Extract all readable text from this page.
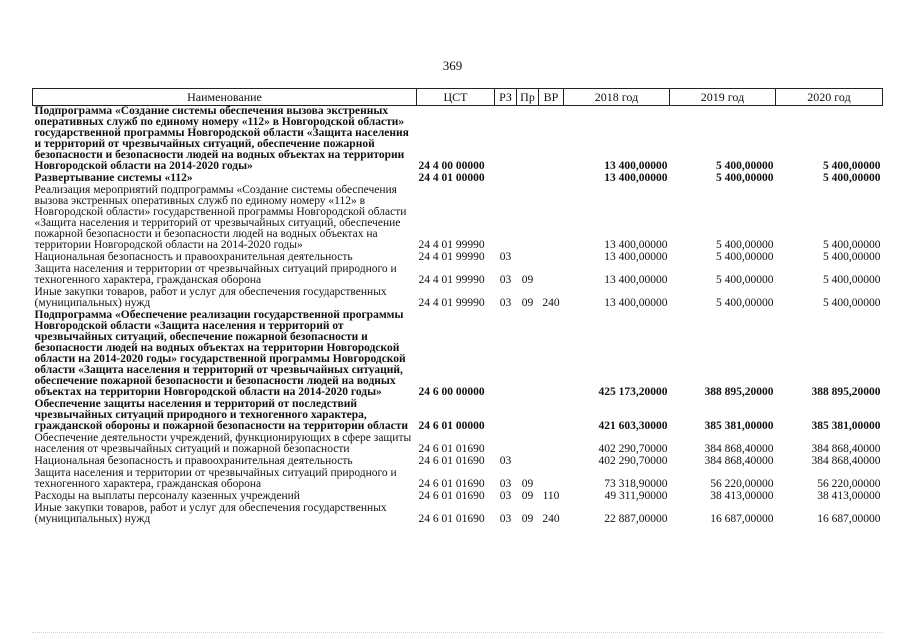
369
Наименование	ЦСТ	РЗ	Пр	ВР	2018 год	2019 год	2020 год
Подпрограмма «Создание системы обеспечения вызова экстренных оперативных служб по единому номеру «112» в Новгородской области» государственной программы Новгородской области «Защита населения и территорий от чрезвычайных ситуаций, обеспечение пожарной безопасности и безопасности людей на водных объектах на территории Новгородской области на 2014-2020 годы»	24 4 00 00000				13 400,00000	5 400,00000	5 400,00000
Развертывание системы «112»	24 4 01 00000				13 400,00000	5 400,00000	5 400,00000
Реализация мероприятий подпрограммы «Создание системы обеспечения вызова экстренных оперативных служб по единому номеру «112» в Новгородской области» государственной программы Новгородской области «Защита населения и территорий от чрезвычайных ситуаций, обеспечение пожарной безопасности и безопасности людей на водных объектах на территории Новгородской области на 2014-2020 годы»	24 4 01 99990				13 400,00000	5 400,00000	5 400,00000
Национальная безопасность и правоохранительная деятельность	24 4 01 99990	03			13 400,00000	5 400,00000	5 400,00000
Защита населения и территории от чрезвычайных ситуаций природного и техногенного характера, гражданская оборона	24 4 01 99990	03	09		13 400,00000	5 400,00000	5 400,00000
Иные закупки товаров, работ и услуг для обеспечения государственных (муниципальных) нужд	24 4 01 99990	03	09	240	13 400,00000	5 400,00000	5 400,00000
Подпрограмма «Обеспечение реализации государственной программы Новгородской области «Защита населения и территорий от чрезвычайных ситуаций, обеспечение пожарной безопасности и безопасности людей на водных объектах на территории Новгородской области на 2014-2020 годы» государственной программы Новгородской области «Защита населения и территорий от чрезвычайных ситуаций, обеспечение пожарной безопасности и безопасности людей на водных объектах на территории Новгородской области на 2014-2020 годы»	24 6 00 00000				425 173,20000	388 895,20000	388 895,20000
Обеспечение защиты населения и территорий от последствий чрезвычайных ситуаций природного и техногенного характера, гражданской обороны и пожарной безопасности на территории области	24 6 01 00000				421 603,30000	385 381,00000	385 381,00000
Обеспечение деятельности учреждений, функционирующих в сфере защиты населения от чрезвычайных ситуаций и пожарной безопасности	24 6 01 01690				402 290,70000	384 868,40000	384 868,40000
Национальная безопасность и правоохранительная деятельность	24 6 01 01690	03			402 290,70000	384 868,40000	384 868,40000
Защита населения и территории от чрезвычайных ситуаций природного и техногенного характера, гражданская оборона	24 6 01 01690	03	09		73 318,90000	56 220,00000	56 220,00000
Расходы на выплаты персоналу казенных учреждений	24 6 01 01690	03	09	110	49 311,90000	38 413,00000	38 413,00000
Иные закупки товаров, работ и услуг для обеспечения государственных (муниципальных) нужд	24 6 01 01690	03	09	240	22 887,00000	16 687,00000	16 687,00000
